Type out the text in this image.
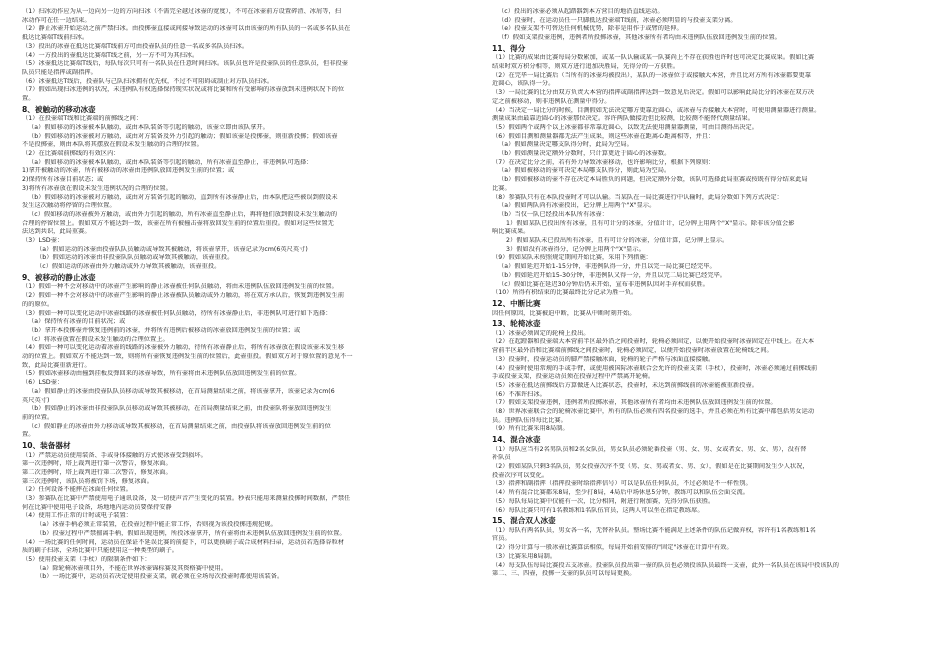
（1）扫冰动作应为从一边向另一边的方向扫冰（不需完全越过冰壶的宽度），不可在冰壶前方设置碎渣、冰屑等，扫
冰动作可在任一边结束。
（2）静止冰壶开始运动之前严禁扫冰。由投掷壶直接或间接导致运动的冰壶可以由该壶的所有队员的一名或多名队员在
抵达比赛端T线前扫冰。
（3）投出的冰壶在抵达比赛端T线前方可由投壶队员的任意一名或多名队员扫冰。
（4）一方投出的壶抵达比赛端T线之前，另一方不可为其扫冰。
（5）冰壶抵达比赛端T线后，每队每次只可有一名队员在任意时间扫冰。该队员也许是投壶队员的任意队员，但非投壶
队员只能是指挥或副指挥。
（6）冰壶抵达T线后，投壶队与己队扫冰拥有优先权，不过不可阻碍或制止对方队员扫冰。
（7）假如出现扫冰违例的状况，未违例队有权选择保持现实状况或将比赛和所有受影响的冰壶放到未违例状况下的位
置。
8、被触动的移动冰壶
（1）在投壶端T线和比赛端的前掷线之间：
（a）假如移动的冰壶被本队触动，或由本队装备等引起的触动，该壶立即由该队拿开。
（b）假如移动的冰壶被对方触动，或由对方装备及外力引起的触动；假如该壶是投掷壶，则重新投掷；假如该壶
不是投掷壶，则由本队将其摆放在假设未发生触动的合理的位置。
（2）在比赛端前掷线的有效区内：
（a）假如移动的冰壶被本队触动，或由本队装备等引起的触动，所有冰壶直至静止，非违例队可选择：
1)拿开被触动的冰壶，所有被移动的冰壶由违例队放回违例发生前的位置；或
2)保持所有冰壶目前状态；或
3)将所有冰壶放在假设未发生违例状况的合理的位置。
（b）假如移动的冰壶被对方触动，或由对方装备引起的触动，直到所有冰壶静止后，由本队把这些被误到假设未
发生这次触动将停留的合理位置。
（c）假如移动的冰壶被外方触动，或由外力引起的触动，所有冰壶直至静止后，再将他们放到假设未发生触动的
合理的停留位置上。假如双方不能达到一致，该壶在所有被撞击壶将放回发生前的位置后重投。假如对这些位置无
法达到共识，此局重赛。
（3）LSD壶：
（a）假如运动的冰壶由投壶队队员触动或导致其被触动，将该壶拿开，该壶记录为cm(6英尺英寸)
（b）假如运动的冰壶由非投壶队队员触动或导致其被触动，该壶重投。
（c）假如运动的冰壶由外力触动或外力导致其被触动，该壶重投。
9、被移动的静止冰壶
（1）假如一种不会对移动中的冰壶产生影响的静止冰壶被任何队员触动，将由未违例队伍放回违例发生前的位置。
（2）假如一种不会对移动中的冰壶产生影响的静止冰壶被队员触动或外力触动，将在双方承认后，恢复到违例发生前
的的原位。
（3）假如一种可以变化运动中冰壶线路的冰壶被任何队员触动，待所有冰壶静止后，非违例队可进行如下选择：
（a）保持所有冰壶的目前状况；或
（b）拿开本投掷壶并恢复违例前的冰壶，并将所有违例后被移动的冰壶放回违例发生前的位置；或
（c）将冰壶放置在假设未发生触动的合理位置上。
（4）假如一种可以变化运动着冰壶的线路的冰壶被外力触动，待所有冰壶静止后，将所有冰壶放在假设该壶未发生移
动的位置上。假如双方不能达到一致，则将所有壶恢复违例发生前的位置后，此壶重投。假如双方对于原位置的意见不一
致，此局比赛重新进行。
（5）假如冰壶移动由撞到挂板反弹回来的冰壶导致，所有壶将由未违例队伍放回违例发生前的位置。
（6）LSD壶：
（a）假如静止的冰壶由投壶队队员移动或导致其被移动，在首局测量结束之前，将该壶拿开，该壶记录为cm(6
英尺英寸)
（b）假如静止的冰壶由非投壶队队员移动或导致其被移动，在首局测量结束之前，由投壶队将壶放回违例发生
前的位置。
（c）假如静止的冰壶由外力移动或导致其被移动，在首局测量结束之前，由投壶队将该壶放回违例发生前的位
置。
10、装备器材
（1）严禁运动员使用装备、手或身体接触的方式使冰壶受到损坏。
第一次违例时，塔上裁判进行第一次警告，修复冰面。
第二次违例时，塔上裁判进行第二次警告，修复冰面。
第三次违例时，该队员将被罚下场，修复冰面。
（2）任何设备不能摔在冰面任何位置。
（3）参赛队在比赛中严禁使用电子通讯设备，及一切使声音产生变化的装置。秒表只能用来测量投掷时间数据，严禁任
何在比赛中使用电子设备，场地地内运动员要保持安静
（4）使用工作正常的计时或电子装置：
（a）冰壶手柄必须正常装置，在投壶过程中能正常工作，否则视为该投投掷违规犯规。
（b）投壶过程中严禁擅离手柄，假如出现违例，所投冰壶拿开，所有壶将由未违例队伍放回违例发生前的位置。
（4）一场比赛的任何时间，运动员在保证不延误比赛的前提下，可以更换刷子或合成材料扫帚，运动员若选择谷粒材
质的刷子扫冰，全场比赛中只能使用这一种类型的刷子。
（5）使用投壶支架（手杖）的限制条件如下：
（a）除轮椅冰壶项目外，不能在世界冰壶锦标赛及其资格赛中使用。
（b）一场比赛中，运动员若决定使用投壶支架，就必须在全场每次投壶时都使用该装备。
（c）投出的冰壶必须从起踏器到本方营目的地沿直线运动。
（d）投壶时，在运动员任一只脚抵达投壶端T线前，冰壶必须明显的与投壶支架分离。
（e）投壶支架不可替达任何机械优势，除非是用作于或臂的延伸。
（f）假如支架投壶违例，违例者所投掷冰壶，其他冰壶所有者均由未违例队伍放回违例发生前的位置。
11、得分
（1）比赛的成果由比赛每局分数累加，或某一队认输或某一队赛尚上不存在获胜也许时也可决定比赛成果。假如比赛
结束时双方积分相等，则双方进行追加决胜局，先得分的一方获胜。
（2）在完毕一局比赛后（当所有的冰壶均被投出），某队的一冰壶位于或接触大本营，并且比对方所有冰壶都要更靠
近圆心，该队得一分。
（3）一局比赛的比分由双方负责大本营的指挥或副指挥达到一致意见后决定。假如可以影响此局比分的冰壶在双方决
定之前被移动，则非违例队在测量中得分。
（4）当决定一局比分的时候，目测假如无法决定哪方更靠近圆心，或冰壶与否接触大本营时，可使用测量器进行测量。
测量成果由最靠近圆心的冰壶那位决定。容许两队做接近但比较测，比较测不能替代测量结果。
（5）假如两个或两个以上冰壶都非常靠近圆心，以致无法使用测量器测量，可由目测得出决定。
（6）假如目测和测量器都无法产生成果，则这些冰壶在距离心距离相等，并且：
（a）假如测量决定哪支队得分时，此局为空局。
（b）假如测量决定额外分数时，只计算更近于圆心的冰壶数。
（7）在决定比分之前，若有外力导致冰壶移动，也许影响比分，根据下列原则：
（a）假如被移动的壶可决定本局哪支队得分，则此局为空局。
（b）假如被移动的壶不存在决定本局胜负的问题，但决定额外分数，该队可选择此局重赛或按既有得分结束此局
比赛。
（8）参赛队只有在本队投壶时才可以认输。当某队在一局比赛进行中认输时，此局分数如下列方式决定：
（a）假如两队尚有冰壶投出，记分牌上用两个"X"显示。
（b）当仅一队已经投出本队所有冰壶：
1）假如某队已投出所有冰壶，且有可计分的冰壶，分值计计，记分牌上用两个"X"显示。除非该分值会影
响比赛成果。
2）假如某队未已投出所有冰壶，且有可计分的冰壶，分值计算，记分牌上显示。
3）假如没有冰壶得分，记分牌上用两个"X"显示。
（9）假如某队未按照规定期间开始比赛，采用下列措施：
（a）假如延迟开始1-15分钟，非违例队得一分，并且以完一局比赛已经完毕。
（b）假如延迟开始15-30分钟，非违例队又得一分，并且以完二局比赛已经完毕。
（c）假如比赛在延迟30分钟后仍未开始，宣布非违例队因对手弃权而获胜。
（10）所得有积结束的比赛最终比分记录为胜一负。
12、中断比赛
因任何原因，比赛被迫中断，比赛从中断时刻开始。
13、轮椅冰壶
（1）冰壶必须固定的轮椅上投出。
（2）在起蹬器和投壶端大本营前半区最外沿之间投壶时，轮椅必须固定，以便开始投壶时冰壶固定在中线上。在大本
营前半区最外沿和比赛端前掷线之间投壶时，轮椅必须固定，以便开始投壶时冰壶放置在轮椅线之间。
（3）投壶时，投壶运动员的脚严禁接触冰面，轮椅的轮子严格与冰面直接接触。
（4）投壶时使用常规的手或手臂，或使用被国际冰壶联合会允许的投壶支架（手杖），投壶时，冰壶必须通过前掷线前
手或投壶支架，投壶运动员须在投壶过程中严禁离开轮椅。
（5）冰壶在抵达前掷线后方算做进入比赛状态，投壶时，未达到前掷线前的冰壶能被重新投壶。
（6）不准许扫冰。
（7）假如支架投壶违例，违例者所投掷冰壶，其他冰壶所有者均由未违例队伍放回违例发生前的位置。
（8）世界冰壶联合会的轮椅冰壶比赛中，所有的队伍必须有四名投壶的选手，并且必须在所有比赛中都包括男女运动
员。违例队伍得每比比赛。
（9）所有比赛采用8局制。
14、混合冰壶
（1）每队应当有2名男队员和2名女队员，男女队员必须轮番投壶（男、女、男、女或者女、男、女、男），没有替
补队员
（2）假如某队只剩3名队员，男女投壶次序不变（男、女、男或者女、男、女），假如是在比赛期间发生少人状况，
投壶次序可以变化。
（3）指挥和副指挥（指挥投壶时给指挥信号）可以是队伍任何队员，不过必须是不一样性别。
（4）所有混合比赛都采8局，至少打8局，4局后中场休息5分钟，教练可以和队伍会面交流。
（5）每队每局比赛中仅能有一次，比分相同，附进行附加赛，先得分队伍获胜。
（6）每队比赛只可有1名教练和1名队伍官员，这两人可以坐在指定教练席。
15、混合双人冰壶
（1）每队有两名队员，男女各一名，无替补队员。整场比赛不能满足上述条件的队伍记做弃权，容许有1名教练和1名
官员。
（2）得分计算与一般冰壶比赛算法相似，每局开始前安排的"固定"冰壶在计算中有效。
（3）比赛采用8局制。
（4）每支队伍每局比赛投五支冰壶。投壶队员投出第一壶的队员也必须投该队员最终一支壶，此外一名队员在该局中投该队的
第二、三、四壶，投掷一支壶的队员可以每局更换。
